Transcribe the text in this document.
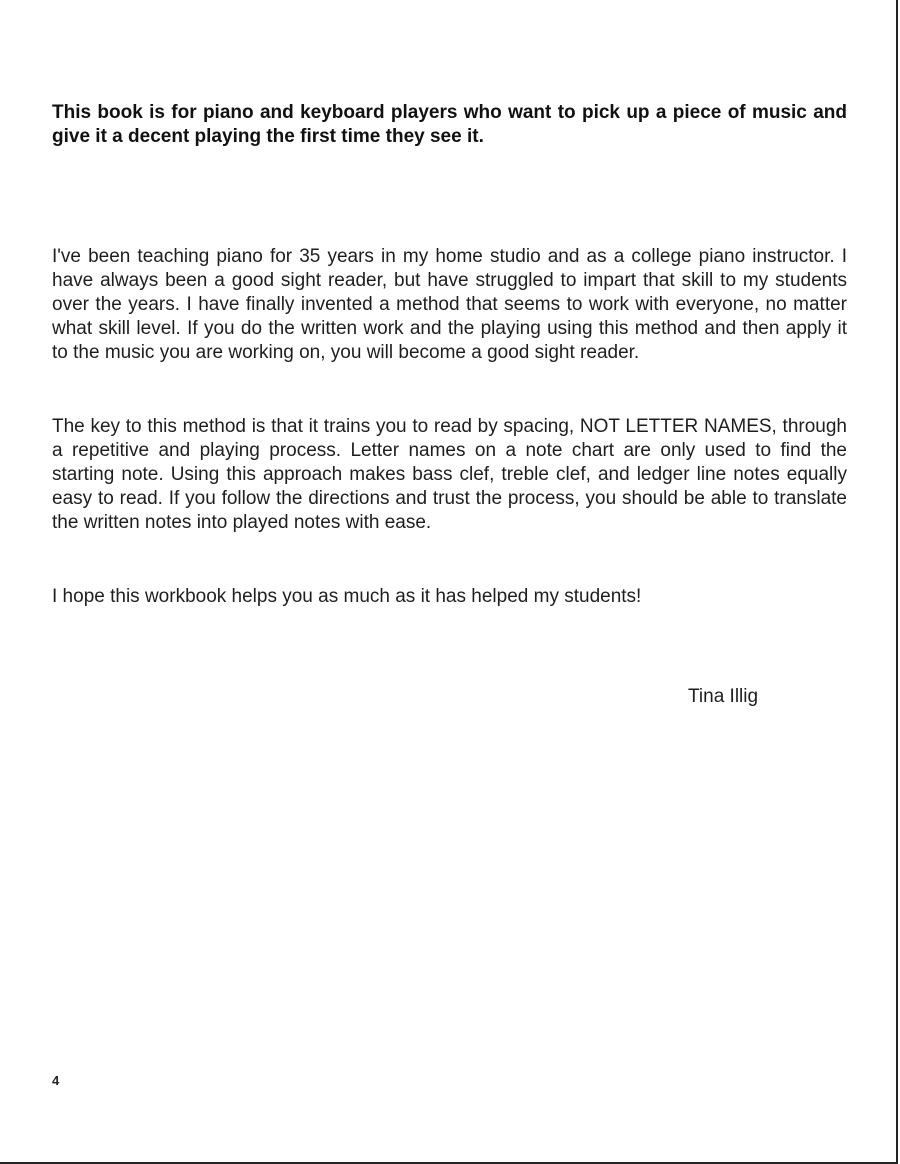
This book is for piano and keyboard players who want to pick up a piece of music and give it a decent playing the first time they see it.

I've been teaching piano for 35 years in my home studio and as a college piano instructor. I have always been a good sight reader, but have struggled to impart that skill to my students over the years. I have finally invented a method that seems to work with everyone, no matter what skill level. If you do the written work and the playing using this method and then apply it to the music you are working on, you will become a good sight reader.

The key to this method is that it trains you to read by spacing, NOT LETTER NAMES, through a repetitive and playing process. Letter names on a note chart are only used to find the starting note. Using this approach makes bass clef, treble clef, and ledger line notes equally easy to read. If you follow the directions and trust the process, you should be able to translate the written notes into played notes with ease.

I hope this workbook helps you as much as it has helped my students!

Tina Illig
4
